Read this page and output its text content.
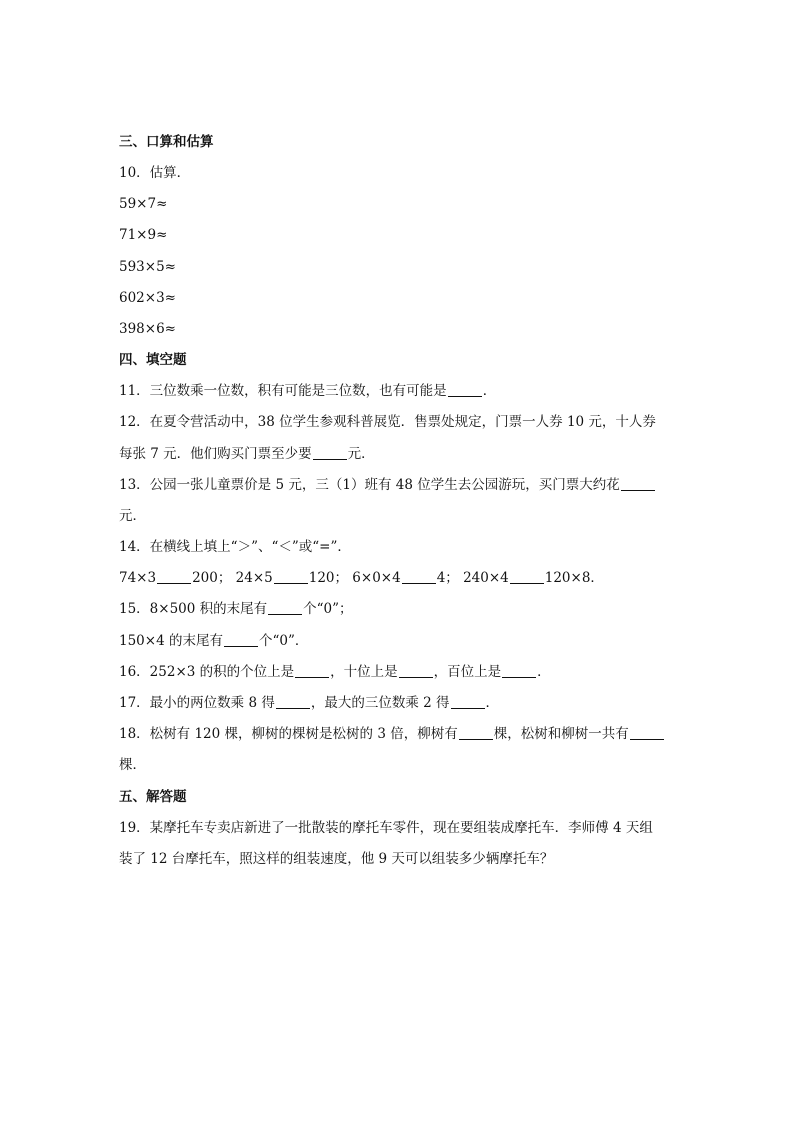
三、口算和估算
10．估算．
59×7≈
71×9≈
593×5≈
602×3≈
398×6≈
四、填空题
11．三位数乘一位数，积有可能是三位数，也有可能是	．
12．在夏令营活动中，38 位学生参观科普展览．售票处规定，门票一人券 10 元，十人券
每张 7 元．他们购买门票至少要	元．
13．公园一张儿童票价是 5 元，三（1）班有 48 位学生去公园游玩，买门票大约花
元．
14．在横线上填上“＞”、“＜”或“=”．
74×3	200； 24×5	120； 6×0×4	4； 240×4	120×8．
15．8×500 积的末尾有	个“0”；
150×4 的末尾有	个“0”．
16．252×3 的积的个位上是	，十位上是	，百位上是	．
17．最小的两位数乘 8 得	，最大的三位数乘 2 得	．
18．松树有 120 棵，柳树的棵树是松树的 3 倍，柳树有	棵，松树和柳树一共有
棵．
五、解答题
19．某摩托车专卖店新进了一批散装的摩托车零件，现在要组装成摩托车．李师傅 4 天组
装了 12 台摩托车，照这样的组装速度，他 9 天可以组装多少辆摩托车？
